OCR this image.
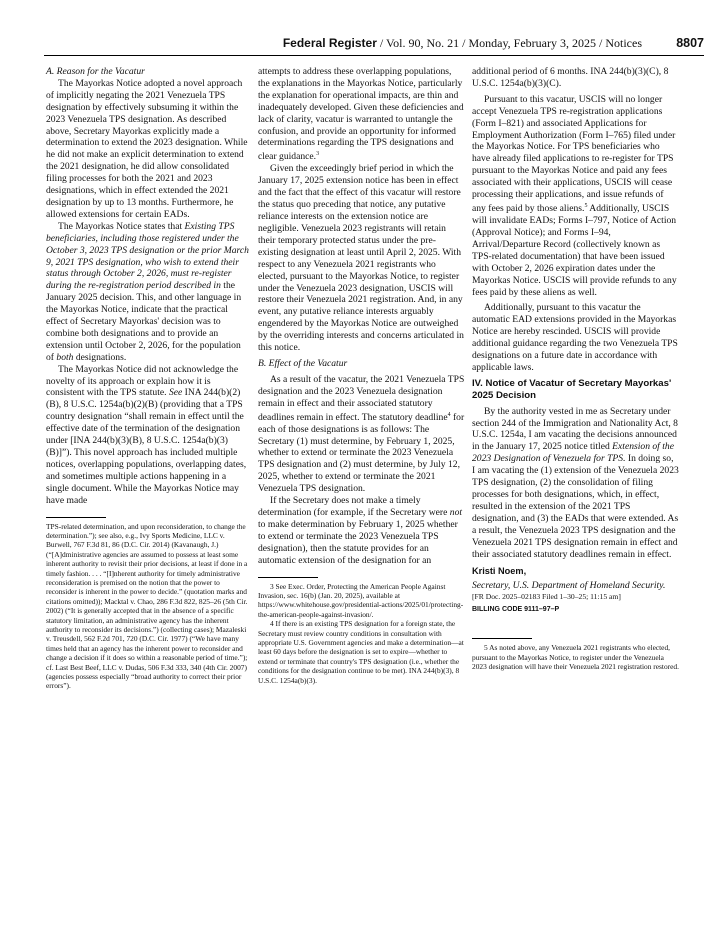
Federal Register / Vol. 90, No. 21 / Monday, February 3, 2025 / Notices	8807
A. Reason for the Vacatur

The Mayorkas Notice adopted a novel approach of implicitly negating the 2021 Venezuela TPS designation by effectively subsuming it within the 2023 Venezuela TPS designation. As described above, Secretary Mayorkas explicitly made a determination to extend the 2023 designation. While he did not make an explicit determination to extend the 2021 designation, he did allow consolidated filing processes for both the 2021 and 2023 designations, which in effect extended the 2021 designation by up to 13 months. Furthermore, he allowed extensions for certain EADs.

The Mayorkas Notice states that Existing TPS beneficiaries, including those registered under the October 3, 2023 TPS designation or the prior March 9, 2021 TPS designation, who wish to extend their status through October 2, 2026, must re-register during the re-registration period described in the January 2025 decision. This, and other language in the Mayorkas Notice, indicate that the practical effect of Secretary Mayorkas' decision was to combine both designations and to provide an extension until October 2, 2026, for the population of both designations.

The Mayorkas Notice did not acknowledge the novelty of its approach or explain how it is consistent with the TPS statute. See INA 244(b)(2)(B), 8 U.S.C. 1254a(b)(2)(B) (providing that a TPS country designation “shall remain in effect until the effective date of the termination of the designation under [INA 244(b)(3)(B), 8 U.S.C. 1254a(b)(3)(B)]”). This novel approach has included multiple notices, overlapping populations, overlapping dates, and sometimes multiple actions happening in a single document. While the Mayorkas Notice may have made

TPS-related determination, and upon reconsideration, to change the determination.”); see also, e.g., Ivy Sports Medicine, LLC v. Burwell, 767 F.3d 81, 86 (D.C. Cir. 2014) (Kavanaugh, J.) (“[A]dministrative agencies are assumed to possess at least some inherent authority to revisit their prior decisions, at least if done in a timely fashion. . . . “[I]nherent authority for timely administrative reconsideration is premised on the notion that the power to reconsider is inherent in the power to decide.” (quotation marks and citations omitted)); Macktal v. Chao, 286 F.3d 822, 825–26 (5th Cir. 2002) (“It is generally accepted that in the absence of a specific statutory limitation, an administrative agency has the inherent authority to reconsider its decisions.”) (collecting cases); Mazaleski v. Treusdell, 562 F.2d 701, 720 (D.C. Cir. 1977) (“We have many times held that an agency has the inherent power to reconsider and change a decision if it does so within a reasonable period of time.”); cf. Last Best Beef, LLC v. Dudas, 506 F.3d 333, 340 (4th Cir. 2007) (agencies possess especially “broad authority to correct their prior errors”).

attempts to address these overlapping populations, the explanations in the Mayorkas Notice, particularly the explanation for operational impacts, are thin and inadequately developed. Given these deficiencies and lack of clarity, vacatur is warranted to untangle the confusion, and provide an opportunity for informed determinations regarding the TPS designations and clear guidance.$^3$

Given the exceedingly brief period in which the January 17, 2025 extension notice has been in effect and the fact that the effect of this vacatur will restore the status quo preceding that notice, any putative reliance interests on the extension notice are negligible. Venezuela 2023 registrants will retain their temporary protected status under the pre-existing designation at least until April 2, 2025. With respect to any Venezuela 2021 registrants who elected, pursuant to the Mayorkas Notice, to register under the Venezuela 2023 designation, USCIS will restore their Venezuela 2021 registration. And, in any event, any putative reliance interests arguably engendered by the Mayorkas Notice are outweighed by the overriding interests and concerns articulated in this notice.

B. Effect of the Vacatur

As a result of the vacatur, the 2021 Venezuela TPS designation and the 2023 Venezuela designation remain in effect and their associated statutory deadlines remain in effect. The statutory deadline$^4$ for each of those designations is as follows: The Secretary (1) must determine, by February 1, 2025, whether to extend or terminate the 2023 Venezuela TPS designation and (2) must determine, by July 12, 2025, whether to extend or terminate the 2021 Venezuela TPS designation.

If the Secretary does not make a timely determination (for example, if the Secretary were not to make determination by February 1, 2025 whether to extend or terminate the 2023 Venezuela TPS designation), then the statute provides for an automatic extension of the designation for an

3 See Exec. Order, Protecting the American People Against Invasion, sec. 16(b) (Jan. 20, 2025), available at https://www.whitehouse.gov/presidential-actions/2025/01/protecting-the-american-people-against-invasion/.

4 If there is an existing TPS designation for a foreign state, the Secretary must review country conditions in consultation with appropriate U.S. Government agencies and make a determination—at least 60 days before the designation is set to expire—whether to extend or terminate that country's TPS designation (i.e., whether the conditions for the designation continue to be met). INA 244(b)(3), 8 U.S.C. 1254a(b)(3).

additional period of 6 months. INA 244(b)(3)(C), 8 U.S.C. 1254a(b)(3)(C).

Pursuant to this vacatur, USCIS will no longer accept Venezuela TPS re-registration applications (Form I–821) and associated Applications for Employment Authorization (Form I–765) filed under the Mayorkas Notice. For TPS beneficiaries who have already filed applications to re-register for TPS pursuant to the Mayorkas Notice and paid any fees associated with their applications, USCIS will cease processing their applications, and issue refunds of any fees paid by those aliens.$^5$ Additionally, USCIS will invalidate EADs; Forms I–797, Notice of Action (Approval Notice); and Forms I–94, Arrival/Departure Record (collectively known as TPS-related documentation) that have been issued with October 2, 2026 expiration dates under the Mayorkas Notice. USCIS will provide refunds to any fees paid by these aliens as well.

Additionally, pursuant to this vacatur the automatic EAD extensions provided in the Mayorkas Notice are hereby rescinded. USCIS will provide additional guidance regarding the two Venezuela TPS designations on a future date in accordance with applicable laws.

IV. Notice of Vacatur of Secretary Mayorkas' 2025 Decision

By the authority vested in me as Secretary under section 244 of the Immigration and Nationality Act, 8 U.S.C. 1254a, I am vacating the decisions announced in the January 17, 2025 notice titled Extension of the 2023 Designation of Venezuela for TPS. In doing so, I am vacating the (1) extension of the Venezuela 2023 TPS designation, (2) the consolidation of filing processes for both designations, which, in effect, resulted in the extension of the 2021 TPS designation, and (3) the EADs that were extended. As a result, the Venezuela 2023 TPS designation and the Venezuela 2021 TPS designation remain in effect and their associated statutory deadlines remain in effect.

Kristi Noem,
Secretary, U.S. Department of Homeland Security.
[FR Doc. 2025–02183 Filed 1–30–25; 11:15 am]
BILLING CODE 9111–97–P

5 As noted above, any Venezuela 2021 registrants who elected, pursuant to the Mayorkas Notice, to register under the Venezuela 2023 designation will have their Venezuela 2021 registration restored.
